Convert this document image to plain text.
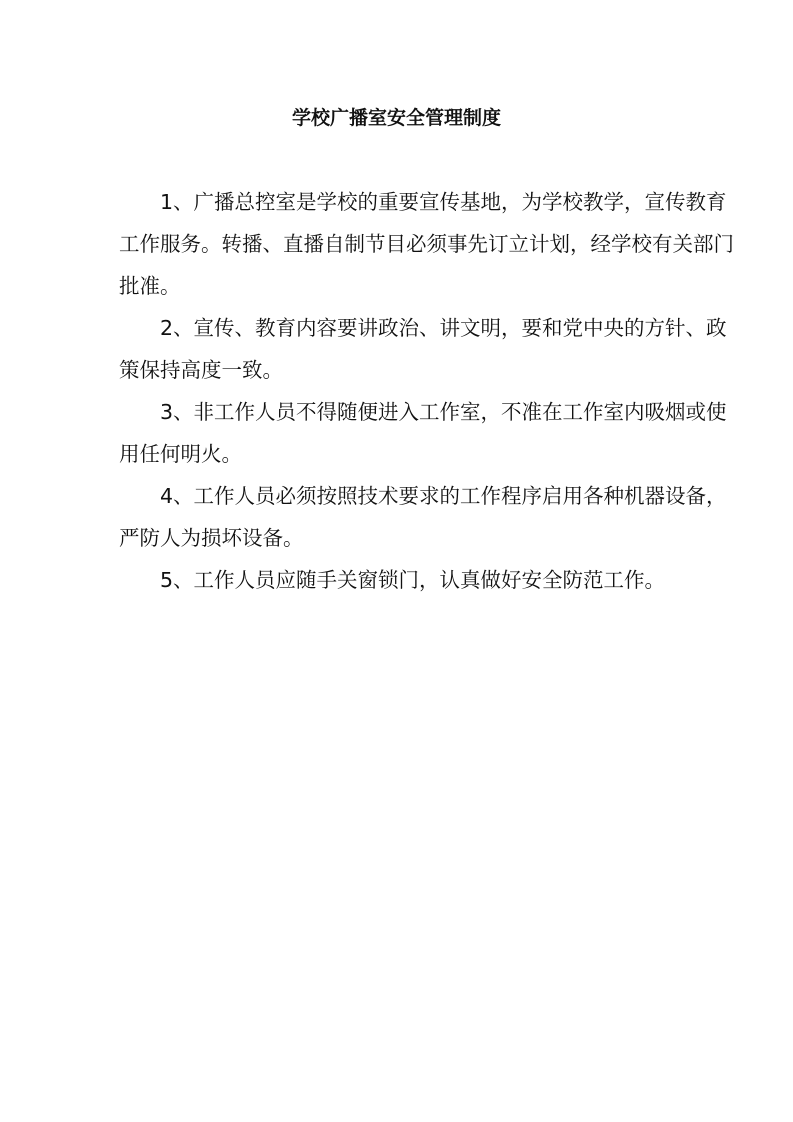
学校广播室安全管理制度

1、广播总控室是学校的重要宣传基地，为学校教学，宣传教育
工作服务。转播、直播自制节目必须事先订立计划，经学校有关部门
批准。

2、宣传、教育内容要讲政治、讲文明，要和党中央的方针、政
策保持高度一致。

3、非工作人员不得随便进入工作室，不准在工作室内吸烟或使
用任何明火。

4、工作人员必须按照技术要求的工作程序启用各种机器设备，
严防人为损坏设备。

5、工作人员应随手关窗锁门，认真做好安全防范工作。
